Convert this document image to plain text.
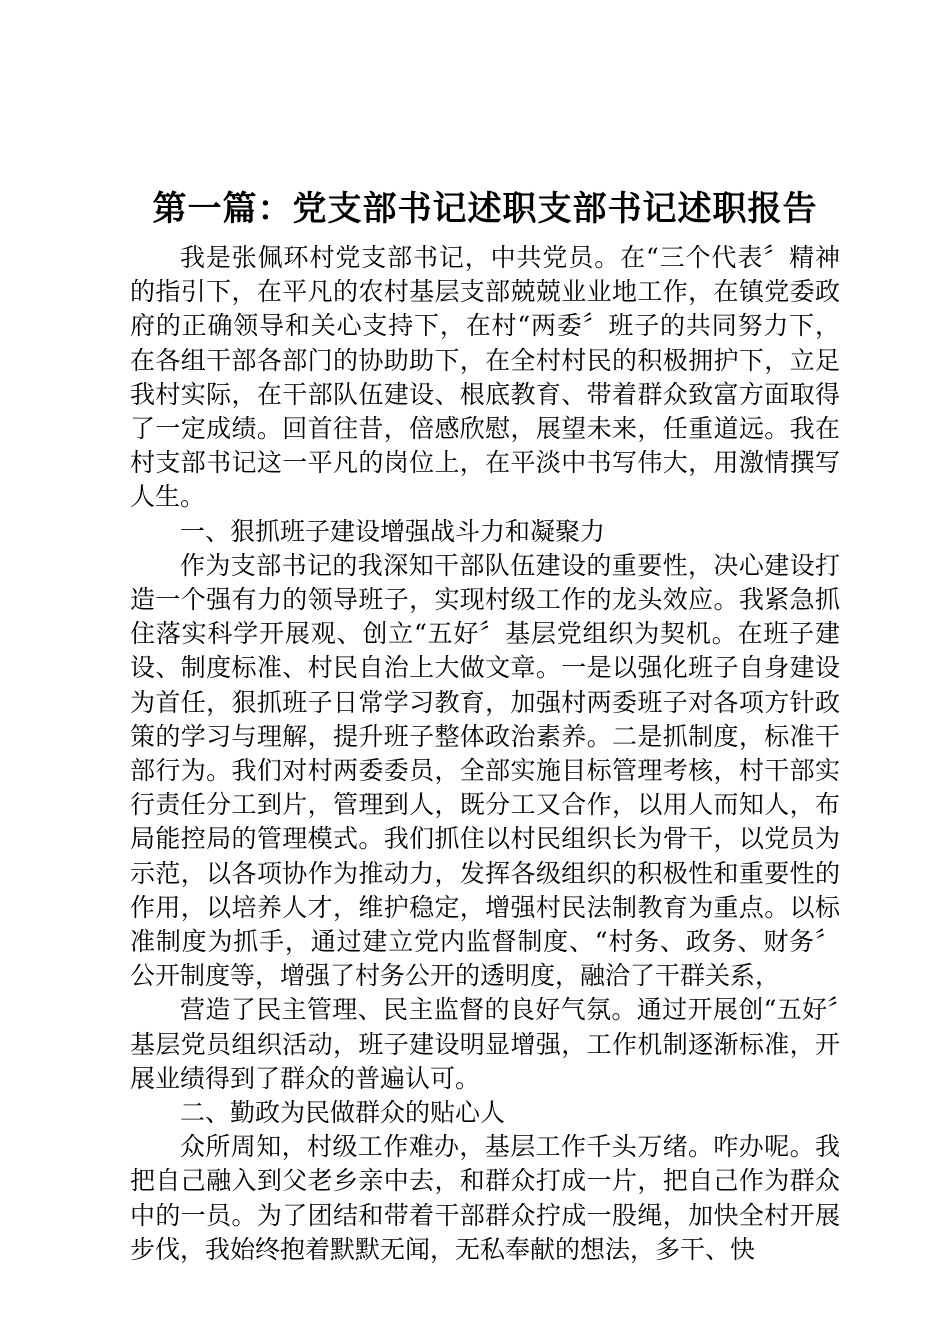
第一篇：党支部书记述职支部书记述职报告

我是张佩环村党支部书记，中共党员。在“三个代表〞精神的指引下，在平凡的农村基层支部兢兢业业地工作，在镇党委政府的正确领导和关心支持下，在村“两委〞班子的共同努力下，在各组干部各部门的协助助下，在全村村民的积极拥护下，立足我村实际，在干部队伍建设、根底教育、带着群众致富方面取得了一定成绩。回首往昔，倍感欣慰，展望未来，任重道远。我在村支部书记这一平凡的岗位上，在平淡中书写伟大，用激情撰写人生。

一、狠抓班子建设增强战斗力和凝聚力

作为支部书记的我深知干部队伍建设的重要性，决心建设打造一个强有力的领导班子，实现村级工作的龙头效应。我紧急抓住落实科学开展观、创立“五好〞基层党组织为契机。在班子建设、制度标准、村民自治上大做文章。一是以强化班子自身建设为首任，狠抓班子日常学习教育，加强村两委班子对各项方针政策的学习与理解，提升班子整体政治素养。二是抓制度，标准干部行为。我们对村两委委员，全部实施目标管理考核，村干部实行责任分工到片，管理到人，既分工又合作，以用人而知人，布局能控局的管理模式。我们抓住以村民组织长为骨干，以党员为示范，以各项协作为推动力，发挥各级组织的积极性和重要性的作用，以培养人才，维护稳定，增强村民法制教育为重点。以标准制度为抓手，通过建立党内监督制度、“村务、政务、财务〞公开制度等，增强了村务公开的透明度，融洽了干群关系，

营造了民主管理、民主监督的良好气氛。通过开展创“五好〞基层党员组织活动，班子建设明显增强，工作机制逐渐标准，开展业绩得到了群众的普遍认可。

二、勤政为民做群众的贴心人

众所周知，村级工作难办，基层工作千头万绪。咋办呢。我把自己融入到父老乡亲中去，和群众打成一片，把自己作为群众中的一员。为了团结和带着干部群众拧成一股绳，加快全村开展步伐，我始终抱着默默无闻，无私奉献的想法，多干、快
